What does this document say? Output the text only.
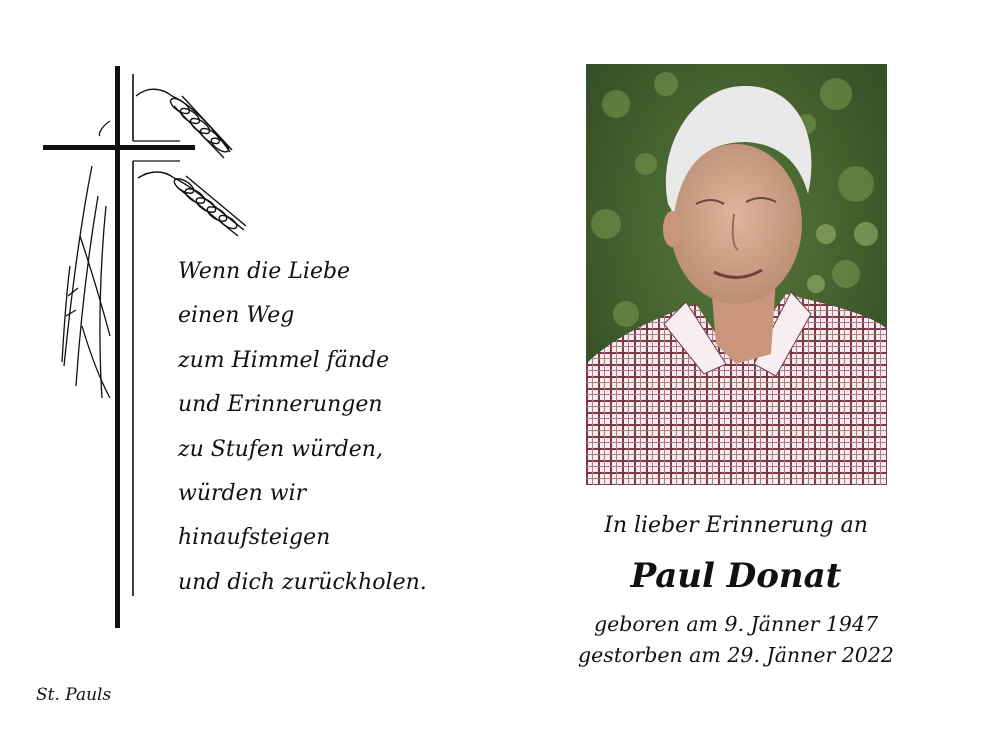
Wenn die Liebe
einen Weg
zum Himmel fände
und Erinnerungen
zu Stufen würden,
würden wir
hinaufsteigen
und dich zurückholen.
St. Pauls
In lieber Erinnerung an
Paul Donat
geboren am 9. Jänner 1947
gestorben am 29. Jänner 2022
